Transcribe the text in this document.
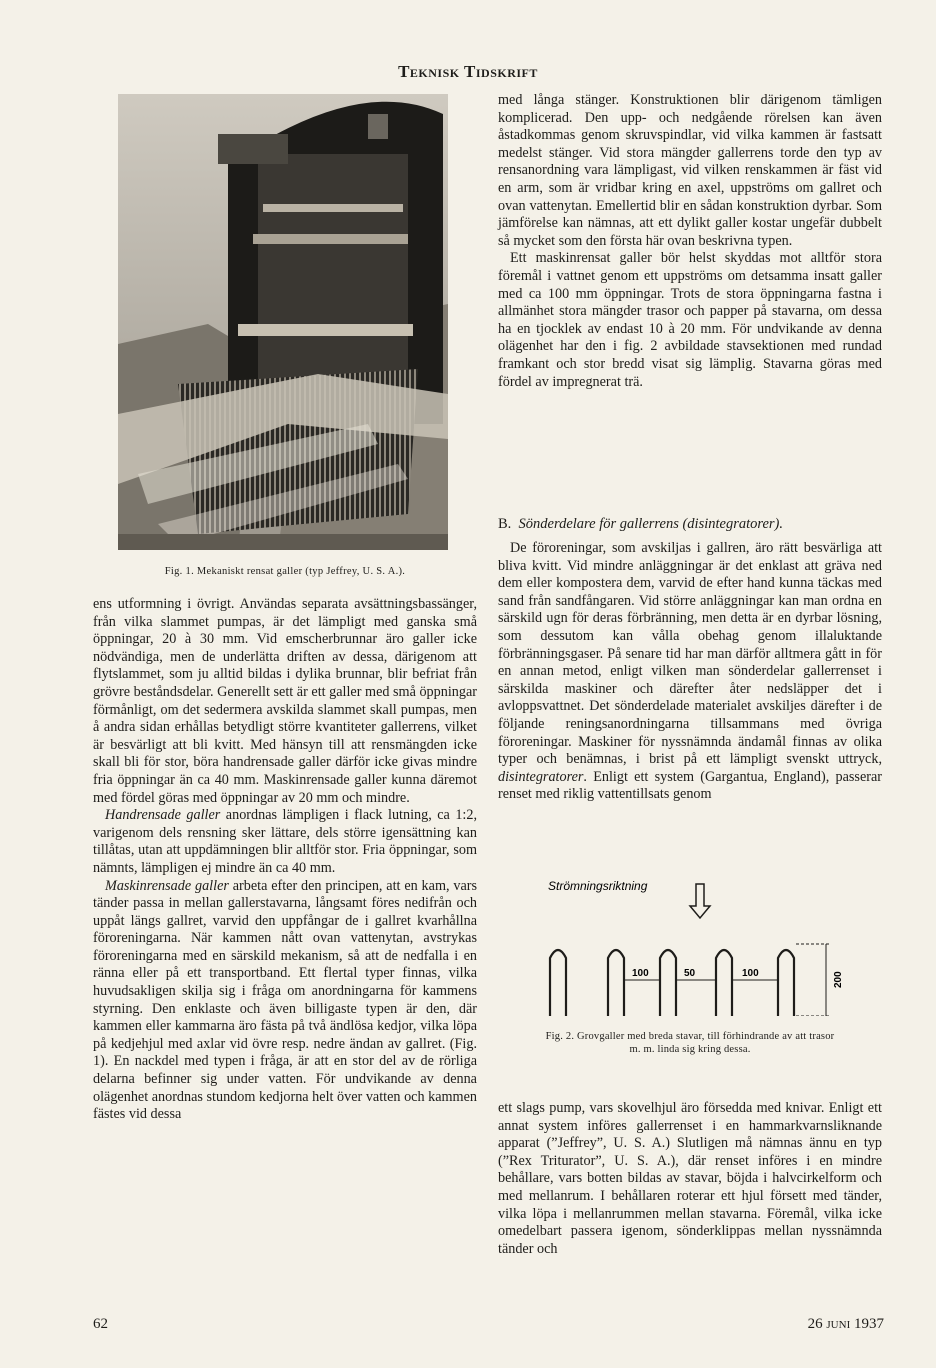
Teknisk Tidskrift
Fig. 1. Mekaniskt rensat galler (typ Jeffrey, U. S. A.).

med långa stänger. Konstruktionen blir därigenom tämligen komplicerad. Den upp- och nedgående rörelsen kan även åstadkommas genom skruvspindlar, vid vilka kammen är fastsatt medelst stänger. Vid stora mängder gallerrens torde den typ av rensanordning vara lämpligast, vid vilken renskammen är fäst vid en arm, som är vridbar kring en axel, uppströms om gallret och ovan vattenytan. Emellertid blir en sådan konstruktion dyrbar. Som jämförelse kan nämnas, att ett dylikt galler kostar ungefär dubbelt så mycket som den första här ovan beskrivna typen.

Ett maskinrensat galler bör helst skyddas mot alltför stora föremål i vattnet genom ett uppströms om detsamma insatt galler med ca 100 mm öppningar. Trots de stora öppningarna fastna i allmänhet stora mängder trasor och papper på stavarna, om dessa ha en tjocklek av endast 10 à 20 mm. För undvikande av denna olägenhet har den i fig. 2 avbildade stavsektionen med rundad framkant och stor bredd visat sig lämplig. Stavarna göras med fördel av impregnerat trä.

ens utformning i övrigt. Användas separata avsättningsbassänger, från vilka slammet pumpas, är det lämpligt med ganska små öppningar, 20 à 30 mm. Vid emscherbrunnar äro galler icke nödvändiga, men de underlätta driften av dessa, därigenom att flytslammet, som ju alltid bildas i dylika brunnar, blir befriat från grövre beståndsdelar. Generellt sett är ett galler med små öppningar förmånligt, om det sedermera avskilda slammet skall pumpas, men å andra sidan erhållas betydligt större kvantiteter gallerrens, vilket är besvärligt att bli kvitt. Med hänsyn till att rensmängden icke skall bli för stor, böra handrensade galler därför icke givas mindre fria öppningar än ca 40 mm. Maskinrensade galler kunna däremot med fördel göras med öppningar av 20 mm och mindre.

Handrensade galler anordnas lämpligen i flack lutning, ca 1:2, varigenom dels rensning sker lättare, dels större igensättning kan tillåtas, utan att uppdämningen blir alltför stor. Fria öppningar, som nämnts, lämpligen ej mindre än ca 40 mm.

Maskinrensade galler arbeta efter den principen, att en kam, vars tänder passa in mellan gallerstavarna, långsamt föres nedifrån och uppåt längs gallret, varvid den uppfångar de i gallret kvarhållna föroreningarna. När kammen nått ovan vattenytan, avstrykas föroreningarna med en särskild mekanism, så att de nedfalla i en ränna eller på ett transportband. Ett flertal typer finnas, vilka huvudsakligen skilja sig i fråga om anordningarna för kammens styrning. Den enklaste och även billigaste typen är den, där kammen eller kammarna äro fästa på två ändlösa kedjor, vilka löpa på kedjehjul med axlar vid övre resp. nedre ändan av gallret. (Fig. 1). En nackdel med typen i fråga, är att en stor del av de rörliga delarna befinner sig under vatten. För undvikande av denna olägenhet anordnas stundom kedjorna helt över vatten och kammen fästes vid dessa

B. Sönderdelare för gallerrens (disintegratorer).

De föroreningar, som avskiljas i gallren, äro rätt besvärliga att bliva kvitt. Vid mindre anläggningar är det enklast att gräva ned dem eller kompostera dem, varvid de efter hand kunna täckas med sand från sandfångaren. Vid större anläggningar kan man ordna en särskild ugn för deras förbränning, men detta är en dyrbar lösning, som dessutom kan vålla obehag genom illaluktande förbränningsgaser. På senare tid har man därför alltmera gått in för en annan metod, enligt vilken man sönderdelar gallerrenset i särskilda maskiner och därefter åter nedsläpper det i avloppsvattnet. Det sönderdelade materialet avskiljes därefter i de följande reningsanordningarna tillsammans med övriga föroreningar. Maskiner för nyssnämnda ändamål finnas av olika typer och benämnas, i brist på ett lämpligt svenskt uttryck, disintegratorer. Enligt ett system (Gargantua, England), passerar renset med riklig vattentillsats genom

Strömningsriktning
100	50	100	200
Fig. 2. Grovgaller med breda stavar, till förhindrande av att trasor m. m. linda sig kring dessa.

ett slags pump, vars skovelhjul äro försedda med knivar. Enligt ett annat system införes gallerrenset i en hammarkvarnsliknande apparat (”Jeffrey”, U. S. A.) Slutligen må nämnas ännu en typ (”Rex Triturator”, U. S. A.), där renset införes i en mindre behållare, vars botten bildas av stavar, böjda i halvcirkelform och med mellanrum. I behållaren roterar ett hjul försett med tänder, vilka löpa i mellanrummen mellan stavarna. Föremål, vilka icke omedelbart passera igenom, sönderklippas mellan nyssnämnda tänder och

62	26 juni 1937
